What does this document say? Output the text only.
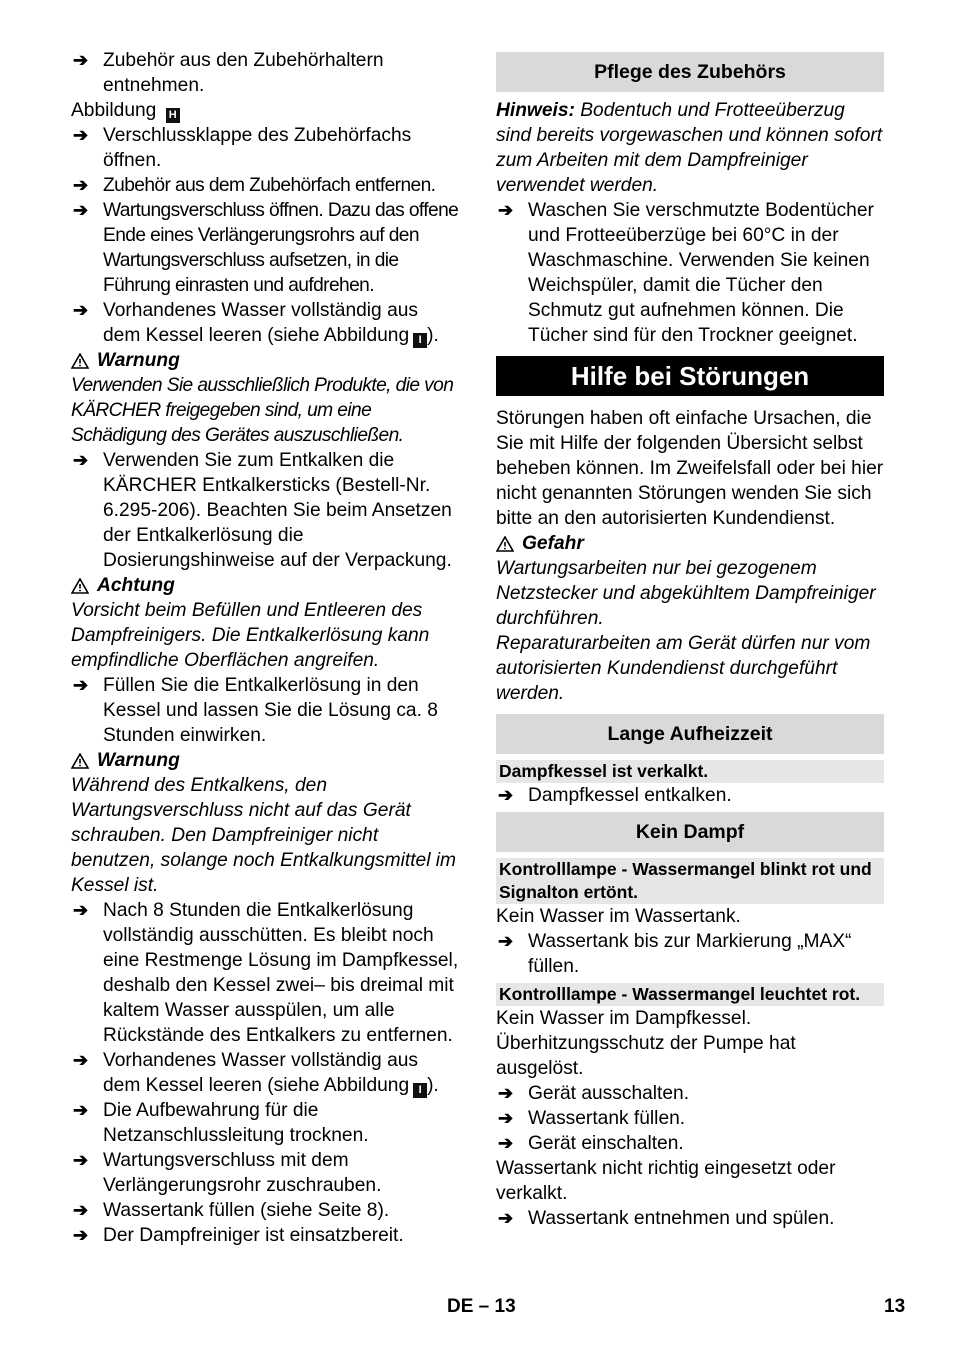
➔ Zubehör aus den Zubehörhaltern entnehmen.
Abbildung H
➔ Verschlussklappe des Zubehörfachs öffnen.
➔ Zubehör aus dem Zubehörfach entfernen.
➔ Wartungsverschluss öffnen. Dazu das offene Ende eines Verlängerungsrohrs auf den Wartungsverschluss aufsetzen, in die Führung einrasten und aufdrehen.
➔ Vorhandenes Wasser vollständig aus dem Kessel leeren (siehe Abbildung I ).
Warnung

Verwenden Sie ausschließlich Produkte, die von KÄRCHER freigegeben sind, um eine Schädigung des Gerätes auszuschließen.

➔ Verwenden Sie zum Entkalken die KÄRCHER Entkalkersticks (Bestell-Nr. 6.295-206). Beachten Sie beim Ansetzen der Entkalkerlösung die Dosierungshinweise auf der Verpackung.
Achtung

Vorsicht beim Befüllen und Entleeren des Dampfreinigers. Die Entkalkerlösung kann empfindliche Oberflächen angreifen.

➔ Füllen Sie die Entkalkerlösung in den Kessel und lassen Sie die Lösung ca. 8 Stunden einwirken.
Warnung

Während des Entkalkens, den Wartungsverschluss nicht auf das Gerät schrauben. Den Dampfreiniger nicht benutzen, solange noch Entkalkungsmittel im Kessel ist.

➔ Nach 8 Stunden die Entkalkerlösung vollständig ausschütten. Es bleibt noch eine Restmenge Lösung im Dampfkessel, deshalb den Kessel zwei– bis dreimal mit kaltem Wasser ausspülen, um alle Rückstände des Entkalkers zu entfernen.
➔ Vorhandenes Wasser vollständig aus dem Kessel leeren (siehe Abbildung I ).
➔ Die Aufbewahrung für die Netzanschlussleitung trocknen.
➔ Wartungsverschluss mit dem Verlängerungsrohr zuschrauben.
➔ Wassertank füllen (siehe Seite 8).
➔ Der Dampfreiniger ist einsatzbereit.
Pflege des Zubehörs

Hinweis: Bodentuch und Frotteeüberzug sind bereits vorgewaschen und können sofort zum Arbeiten mit dem Dampfreiniger verwendet werden.

➔ Waschen Sie verschmutzte Bodentücher und Frotteeüberzüge bei 60°C in der Waschmaschine. Verwenden Sie keinen Weichspüler, damit die Tücher den Schmutz gut aufnehmen können. Die Tücher sind für den Trockner geeignet.
Hilfe bei Störungen

Störungen haben oft einfache Ursachen, die Sie mit Hilfe der folgenden Übersicht selbst beheben können. Im Zweifelsfall oder bei hier nicht genannten Störungen wenden Sie sich bitte an den autorisierten Kundendienst.

Gefahr

Wartungsarbeiten nur bei gezogenem Netzstecker und abgekühltem Dampfreiniger durchführen.

Reparaturarbeiten am Gerät dürfen nur vom autorisierten Kundendienst durchgeführt werden.

Lange Aufheizzeit
Dampfkessel ist verkalkt.
➔ Dampfkessel entkalken.
Kein Dampf
Kontrolllampe - Wassermangel blinkt rot und Signalton ertönt.

Kein Wasser im Wassertank.

➔ Wassertank bis zur Markierung „MAX“ füllen.
Kontrolllampe - Wassermangel leuchtet rot.

Kein Wasser im Dampfkessel. Überhitzungsschutz der Pumpe hat ausgelöst.

➔ Gerät ausschalten.
➔ Wassertank füllen.
➔ Gerät einschalten.

Wassertank nicht richtig eingesetzt oder verkalkt.

➔ Wassertank entnehmen und spülen.
DE – 13	13
